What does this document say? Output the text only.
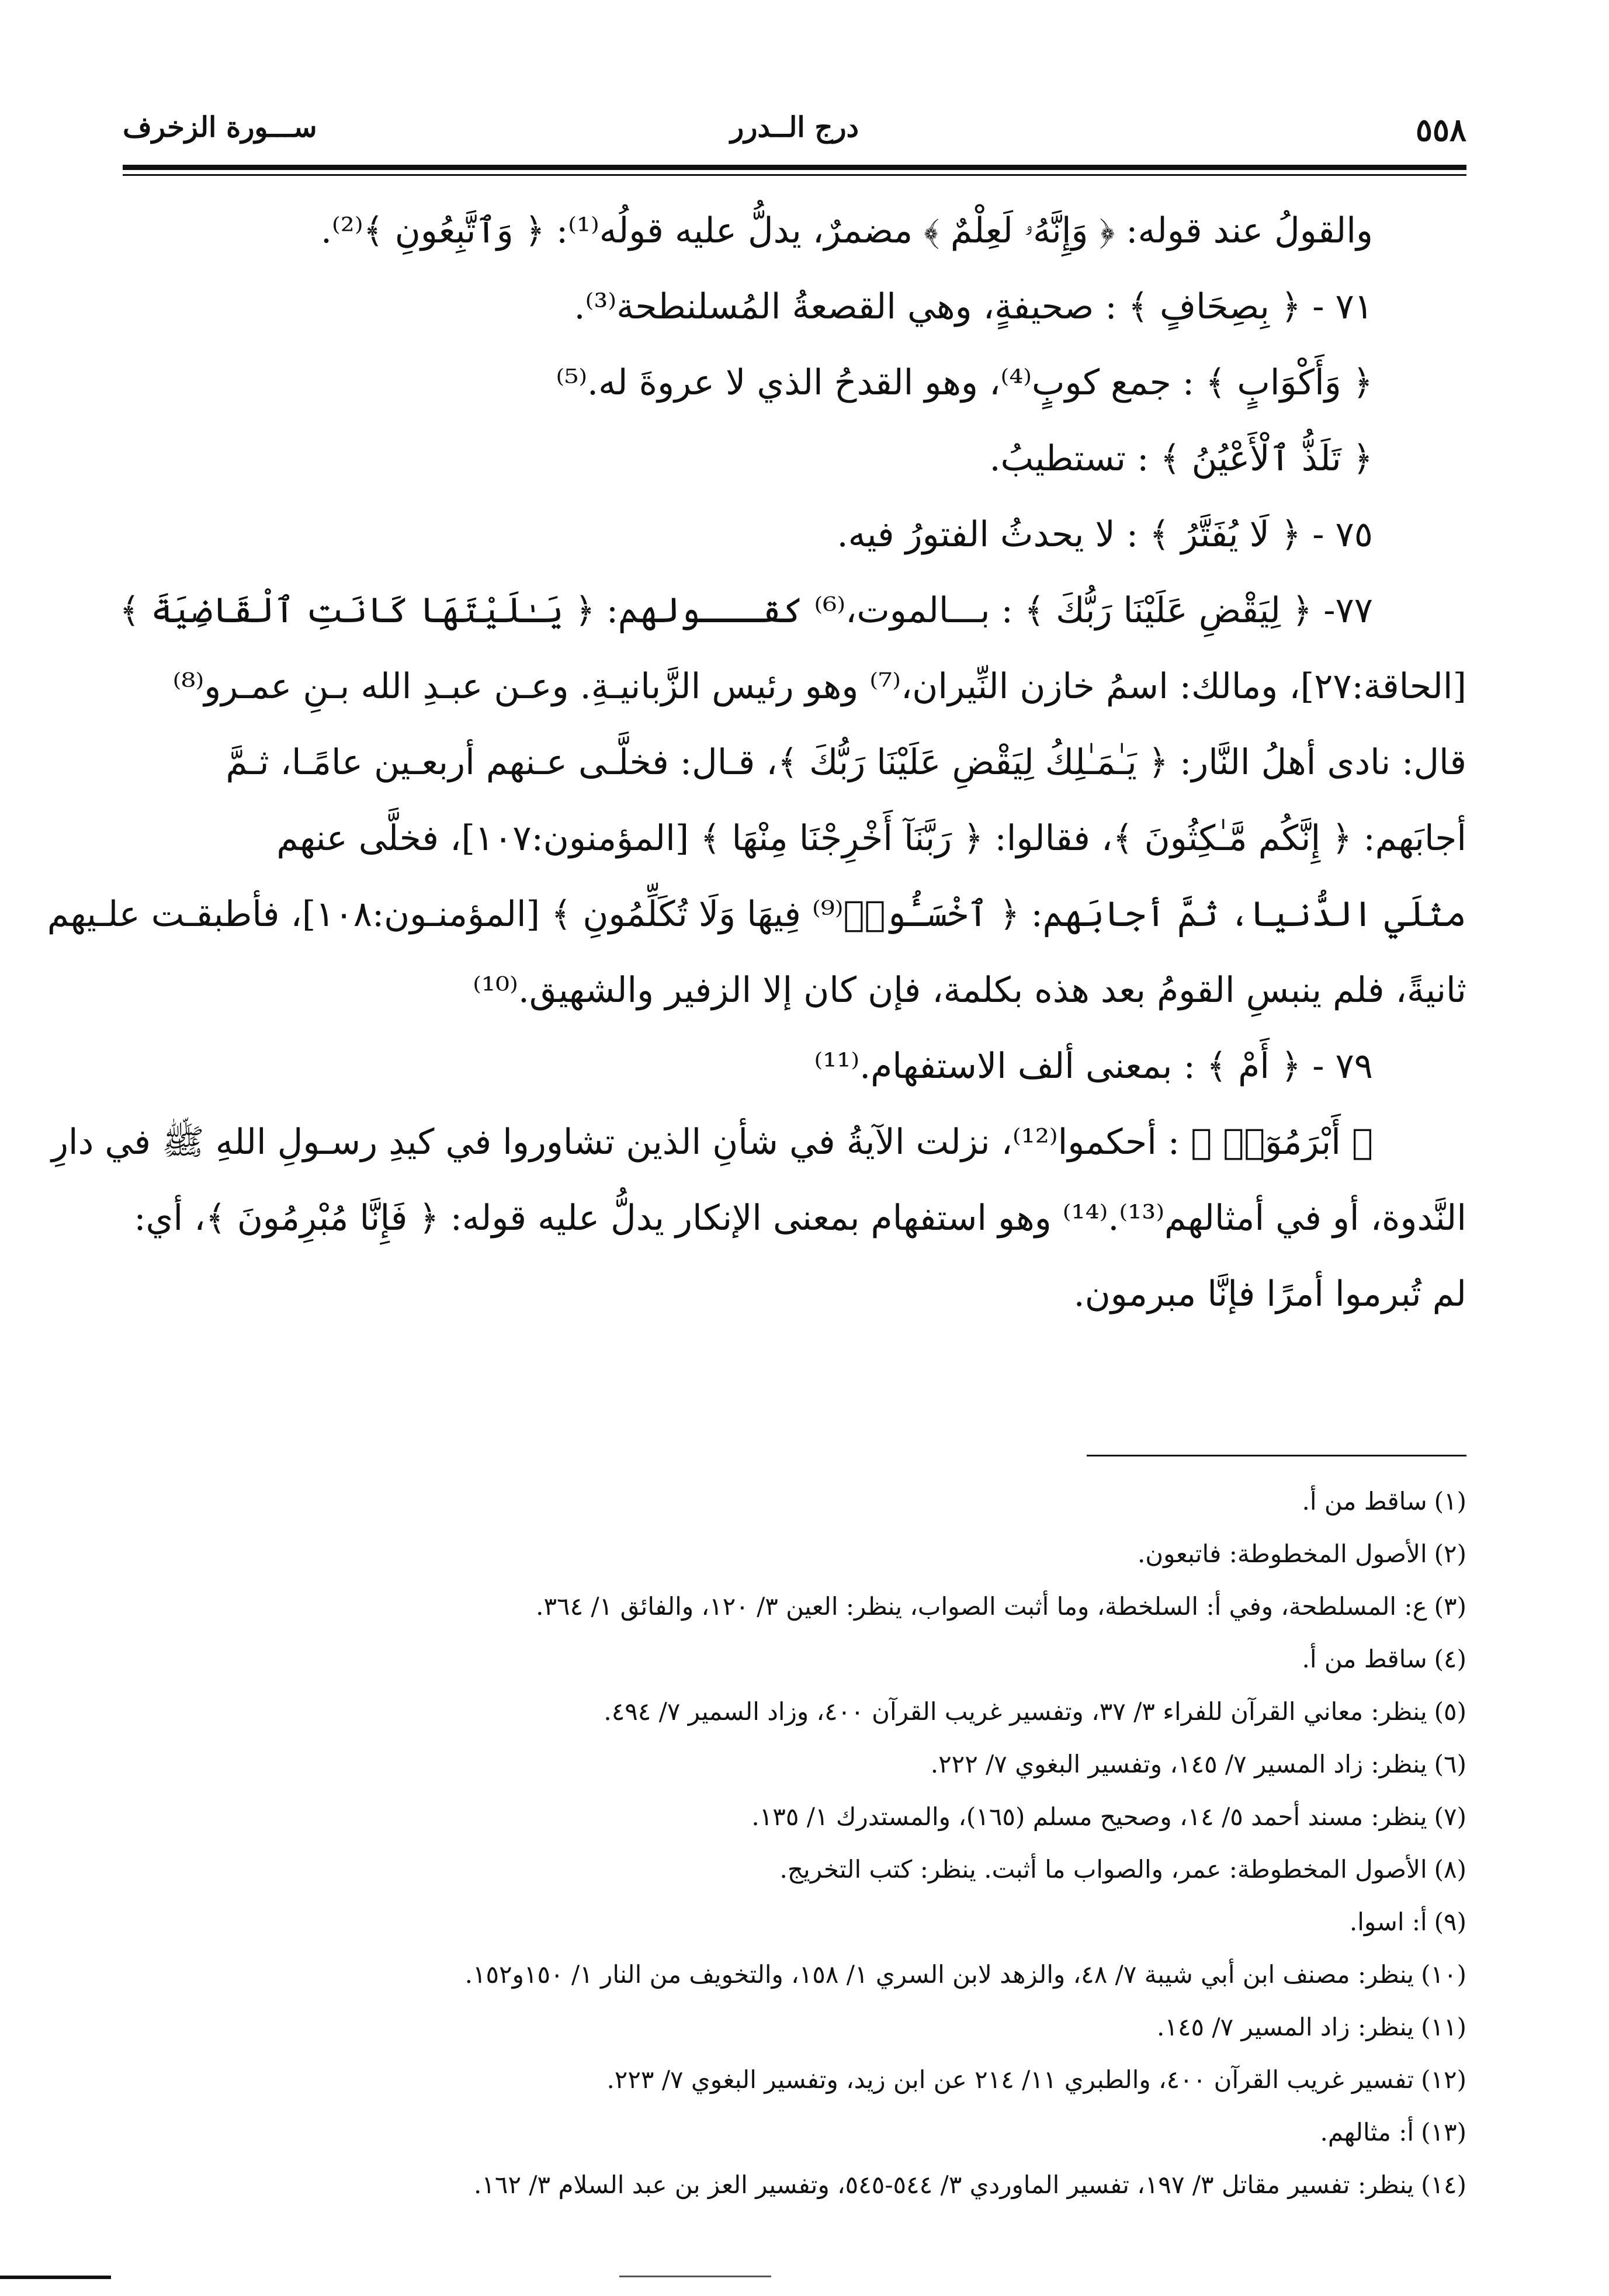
٥٥٨
درج الــدرر
ســـورة الزخرف
والقولُ عند قوله: ﴿ وَإِنَّهُۥ لَعِلْمٌ ﴾ مضمرٌ، يدلُّ عليه قولُه⁽¹⁾: ﴿ وَٱتَّبِعُونِ ﴾⁽²⁾.
٧١ - ﴿ بِصِحَافٍ ﴾ : صحيفةٍ، وهي القصعةُ المُسلنطحة⁽³⁾.
﴿ وَأَكْوَابٍ ﴾ : جمع كوبٍ⁽⁴⁾، وهو القدحُ الذي لا عروةَ له.⁽⁵⁾
﴿ تَلَذُّ ٱلْأَعْيُنُ ﴾ : تستطيبُ.
٧٥ - ﴿ لَا يُفَتَّرُ ﴾ : لا يحدثُ الفتورُ فيه.
٧٧- ﴿ لِيَقْضِ عَلَيْنَا رَبُّكَ ﴾ : بـــالموت،⁽⁶⁾ كقـــولهم: ﴿ يَـٰلَيْتَهَا كَانَتِ ٱلْقَاضِيَةَ ﴾
[الحاقة:٢٧]، ومالك: اسمُ خازن النِّيران،⁽⁷⁾ وهو رئيس الزَّبانيـةِ. وعـن عبـدِ الله بـنِ عمـرو⁽⁸⁾
قال: نادى أهلُ النَّار: ﴿ يَـٰمَـٰلِكُ لِيَقْضِ عَلَيْنَا رَبُّكَ ﴾، قـال: فخلَّـى عـنهم أربعـين عامًـا، ثـمَّ
أجابَهم: ﴿ إِنَّكُم مَّـٰكِثُونَ ﴾، فقالوا: ﴿ رَبَّنَآ أَخْرِجْنَا مِنْهَا ﴾ [المؤمنون:١٠٧]، فخلَّى عنهم
مثلَي الدُّنيا، ثمَّ أجابَهم: ﴿ ٱخْسَـُٔوا۟⁽⁹⁾ فِيهَا وَلَا تُكَلِّمُونِ ﴾ [المؤمنـون:١٠٨]، فأطبقـت علـيهم
ثانيةً، فلم ينبسِ القومُ بعد هذه بكلمة، فإن كان إلا الزفير والشهيق.⁽¹⁰⁾
٧٩ - ﴿ أَمْ ﴾ : بمعنى ألف الاستفهام.⁽¹¹⁾
﴿ أَبْرَمُوٓا۟ ﴾ : أحكموا⁽¹²⁾، نزلت الآيةُ في شأنِ الذين تشاوروا في كيدِ رسـولِ اللهِ ﷺ في دارِ
النَّدوة، أو في أمثالهم⁽¹³⁾.⁽¹⁴⁾ وهو استفهام بمعنى الإنكار يدلُّ عليه قوله: ﴿ فَإِنَّا مُبْرِمُونَ ﴾، أي:
لم تُبرموا أمرًا فإنَّا مبرمون.
(١)ساقط من أ.
(٢)الأصول المخطوطة: فاتبعون.
(٣)ع: المسلطحة، وفي أ: السلخطة، وما أثبت الصواب، ينظر: العين ٣/ ١٢٠، والفائق ١/ ٣٦٤.
(٤)ساقط من أ.
(٥)ينظر: معاني القرآن للفراء ٣/ ٣٧، وتفسير غريب القرآن ٤٠٠، وزاد السمير ٧/ ٤٩٤.
(٦)ينظر: زاد المسير ٧/ ١٤٥، وتفسير البغوي ٧/ ٢٢٢.
(٧)ينظر: مسند أحمد ٥/ ١٤، وصحيح مسلم (١٦٥)، والمستدرك ١/ ١٣٥.
(٨)الأصول المخطوطة: عمر، والصواب ما أثبت. ينظر: كتب التخريج.
(٩)أ: اسوا.
(١٠)ينظر: مصنف ابن أبي شيبة ٧/ ٤٨، والزهد لابن السري ١/ ١٥٨، والتخويف من النار ١/ ١٥٠و١٥٢.
(١١)ينظر: زاد المسير ٧/ ١٤٥.
(١٢)تفسير غريب القرآن ٤٠٠، والطبري ١١/ ٢١٤ عن ابن زيد، وتفسير البغوي ٧/ ٢٢٣.
(١٣)أ: مثالهم.
(١٤)ينظر: تفسير مقاتل ٣/ ١٩٧، تفسير الماوردي ٣/ ٥٤٤-٥٤٥، وتفسير العز بن عبد السلام ٣/ ١٦٢.
